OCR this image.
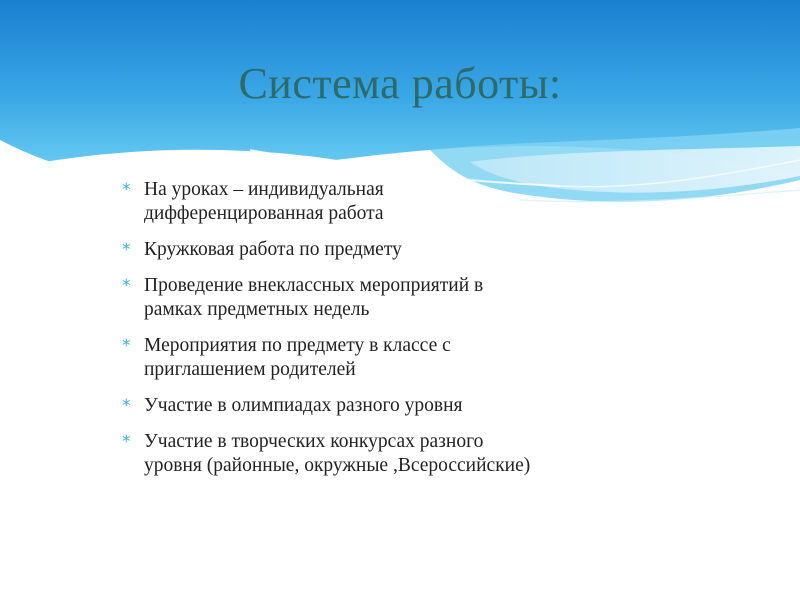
Система работы:
* На уроках – индивидуальная
дифференцированная работа
* Кружковая работа по предмету
* Проведение внеклассных мероприятий в
рамках предметных недель
* Мероприятия по предмету в классе с
приглашением родителей
* Участие в олимпиадах разного уровня
* Участие в творческих конкурсах разного
уровня (районные, окружные ,Всероссийские)
